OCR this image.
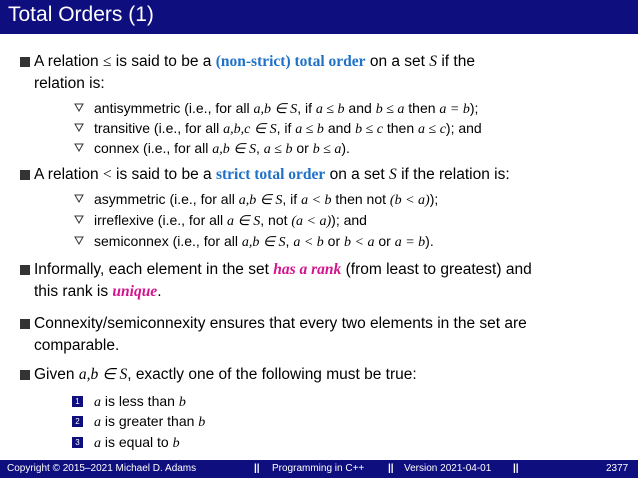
Total Orders (1)
A relation ≤ is said to be a (non-strict) total order on a set S if the
relation is:
antisymmetric (i.e., for all a,b ∈ S, if a ≤ b and b ≤ a then a = b);
transitive (i.e., for all a,b,c ∈ S, if a ≤ b and b ≤ c then a ≤ c); and
connex (i.e., for all a,b ∈ S, a ≤ b or b ≤ a).
A relation < is said to be a strict total order on a set S if the relation is:
asymmetric (i.e., for all a,b ∈ S, if a < b then not (b < a));
irreflexive (i.e., for all a ∈ S, not (a < a)); and
semiconnex (i.e., for all a,b ∈ S, a < b or b < a or a = b).
Informally, each element in the set has a rank (from least to greatest) and
this rank is unique.
Connexity/semiconnexity ensures that every two elements in the set are
comparable.
Given a,b ∈ S, exactly one of the following must be true:
1 a is less than b
2 a is greater than b
3 a is equal to b
Copyright © 2015–2021 Michael D. Adams	|| Programming in C++ || Version 2021-04-01 ||	2377
